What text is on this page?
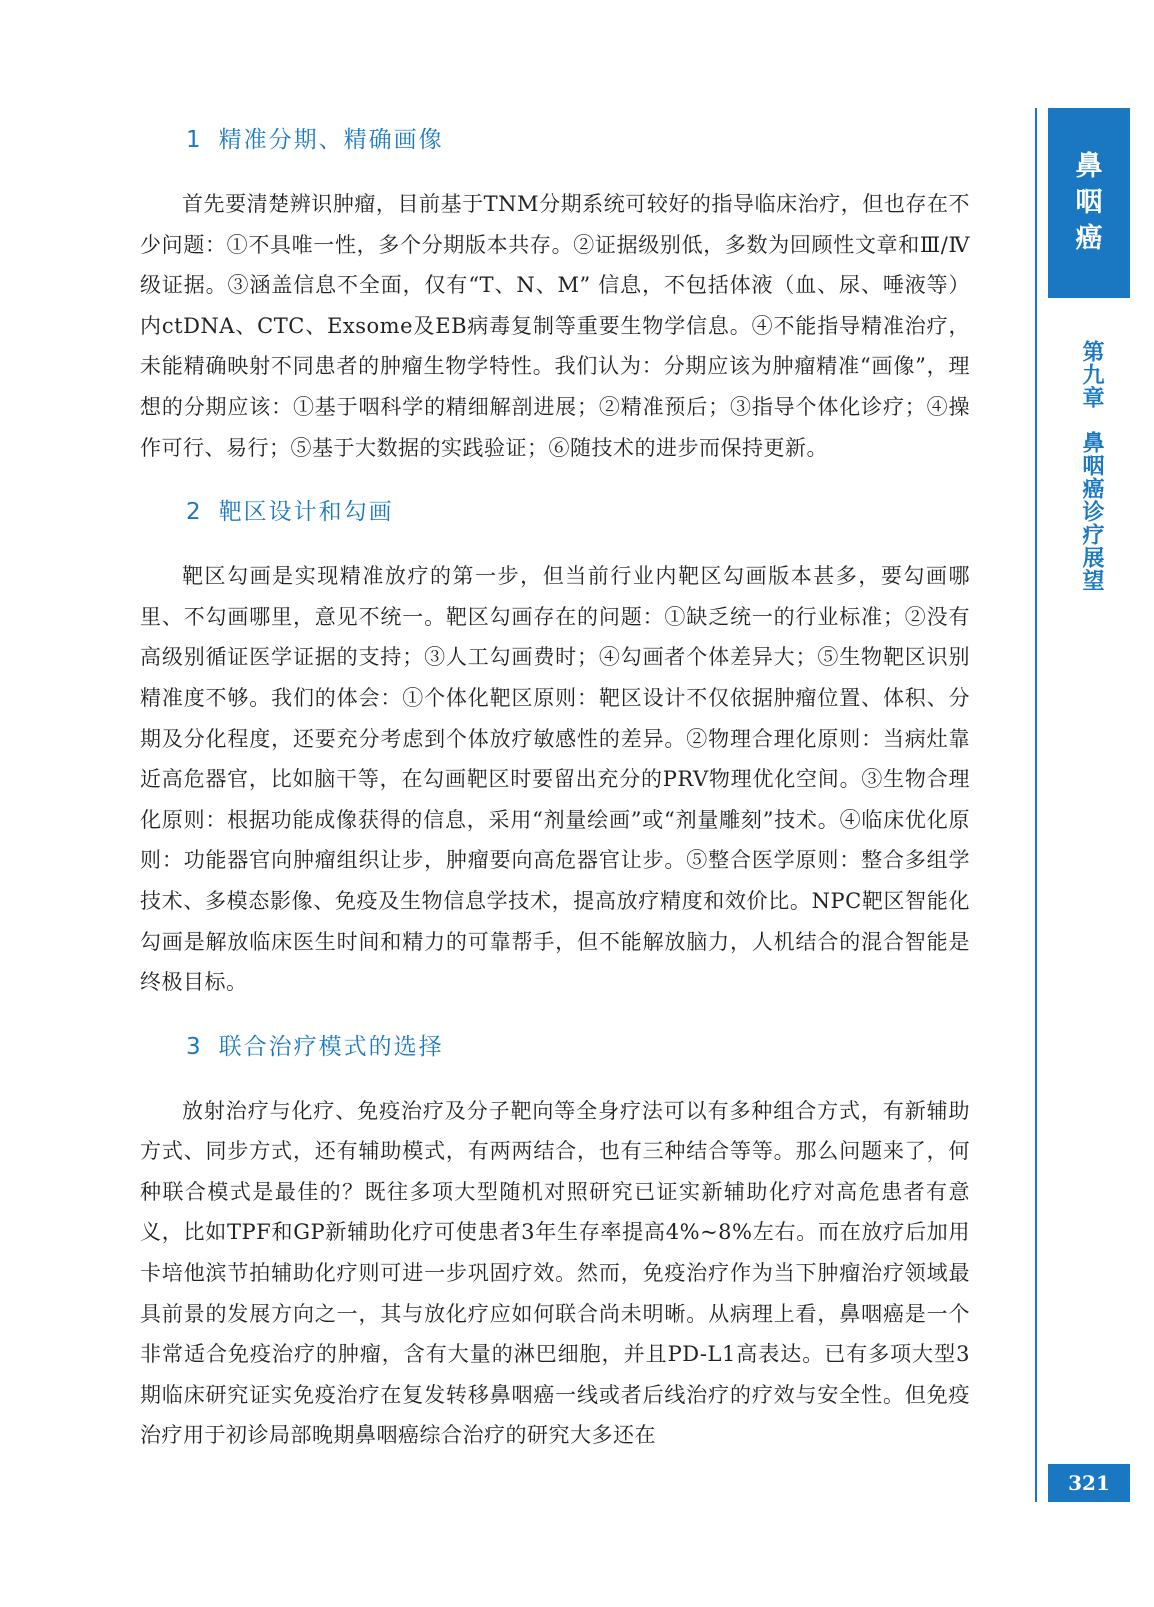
1 精准分期、精确画像

首先要清楚辨识肿瘤，目前基于TNM分期系统可较好的指导临床治疗，但也存在不少问题：①不具唯一性，多个分期版本共存。②证据级别低，多数为回顾性文章和Ⅲ/Ⅳ级证据。③涵盖信息不全面，仅有“T、N、M” 信息，不包括体液（血、尿、唾液等）内ctDNA、CTC、Exsome及EB病毒复制等重要生物学信息。④不能指导精准治疗，未能精确映射不同患者的肿瘤生物学特性。我们认为：分期应该为肿瘤精准“画像”，理想的分期应该：①基于咽科学的精细解剖进展；②精准预后；③指导个体化诊疗；④操作可行、易行；⑤基于大数据的实践验证；⑥随技术的进步而保持更新。

2 靶区设计和勾画

靶区勾画是实现精准放疗的第一步，但当前行业内靶区勾画版本甚多，要勾画哪里、不勾画哪里，意见不统一。靶区勾画存在的问题：①缺乏统一的行业标准；②没有高级别循证医学证据的支持；③人工勾画费时；④勾画者个体差异大；⑤生物靶区识别精准度不够。我们的体会：①个体化靶区原则：靶区设计不仅依据肿瘤位置、体积、分期及分化程度，还要充分考虑到个体放疗敏感性的差异。②物理合理化原则：当病灶靠近高危器官，比如脑干等，在勾画靶区时要留出充分的PRV物理优化空间。③生物合理化原则：根据功能成像获得的信息，采用“剂量绘画”或“剂量雕刻”技术。④临床优化原则：功能器官向肿瘤组织让步，肿瘤要向高危器官让步。⑤整合医学原则：整合多组学技术、多模态影像、免疫及生物信息学技术，提高放疗精度和效价比。NPC靶区智能化勾画是解放临床医生时间和精力的可靠帮手，但不能解放脑力，人机结合的混合智能是终极目标。

3 联合治疗模式的选择

放射治疗与化疗、免疫治疗及分子靶向等全身疗法可以有多种组合方式，有新辅助方式、同步方式，还有辅助模式，有两两结合，也有三种结合等等。那么问题来了，何种联合模式是最佳的？既往多项大型随机对照研究已证实新辅助化疗对高危患者有意义，比如TPF和GP新辅助化疗可使患者3年生存率提高4%~8%左右。而在放疗后加用卡培他滨节拍辅助化疗则可进一步巩固疗效。然而，免疫治疗作为当下肿瘤治疗领域最具前景的发展方向之一，其与放化疗应如何联合尚未明晰。从病理上看，鼻咽癌是一个非常适合免疫治疗的肿瘤，含有大量的淋巴细胞，并且PD-L1高表达。已有多项大型3期临床研究证实免疫治疗在复发转移鼻咽癌一线或者后线治疗的疗效与安全性。但免疫治疗用于初诊局部晚期鼻咽癌综合治疗的研究大多还在

鼻
咽
癌
第九章鼻咽癌诊疗展望
321
